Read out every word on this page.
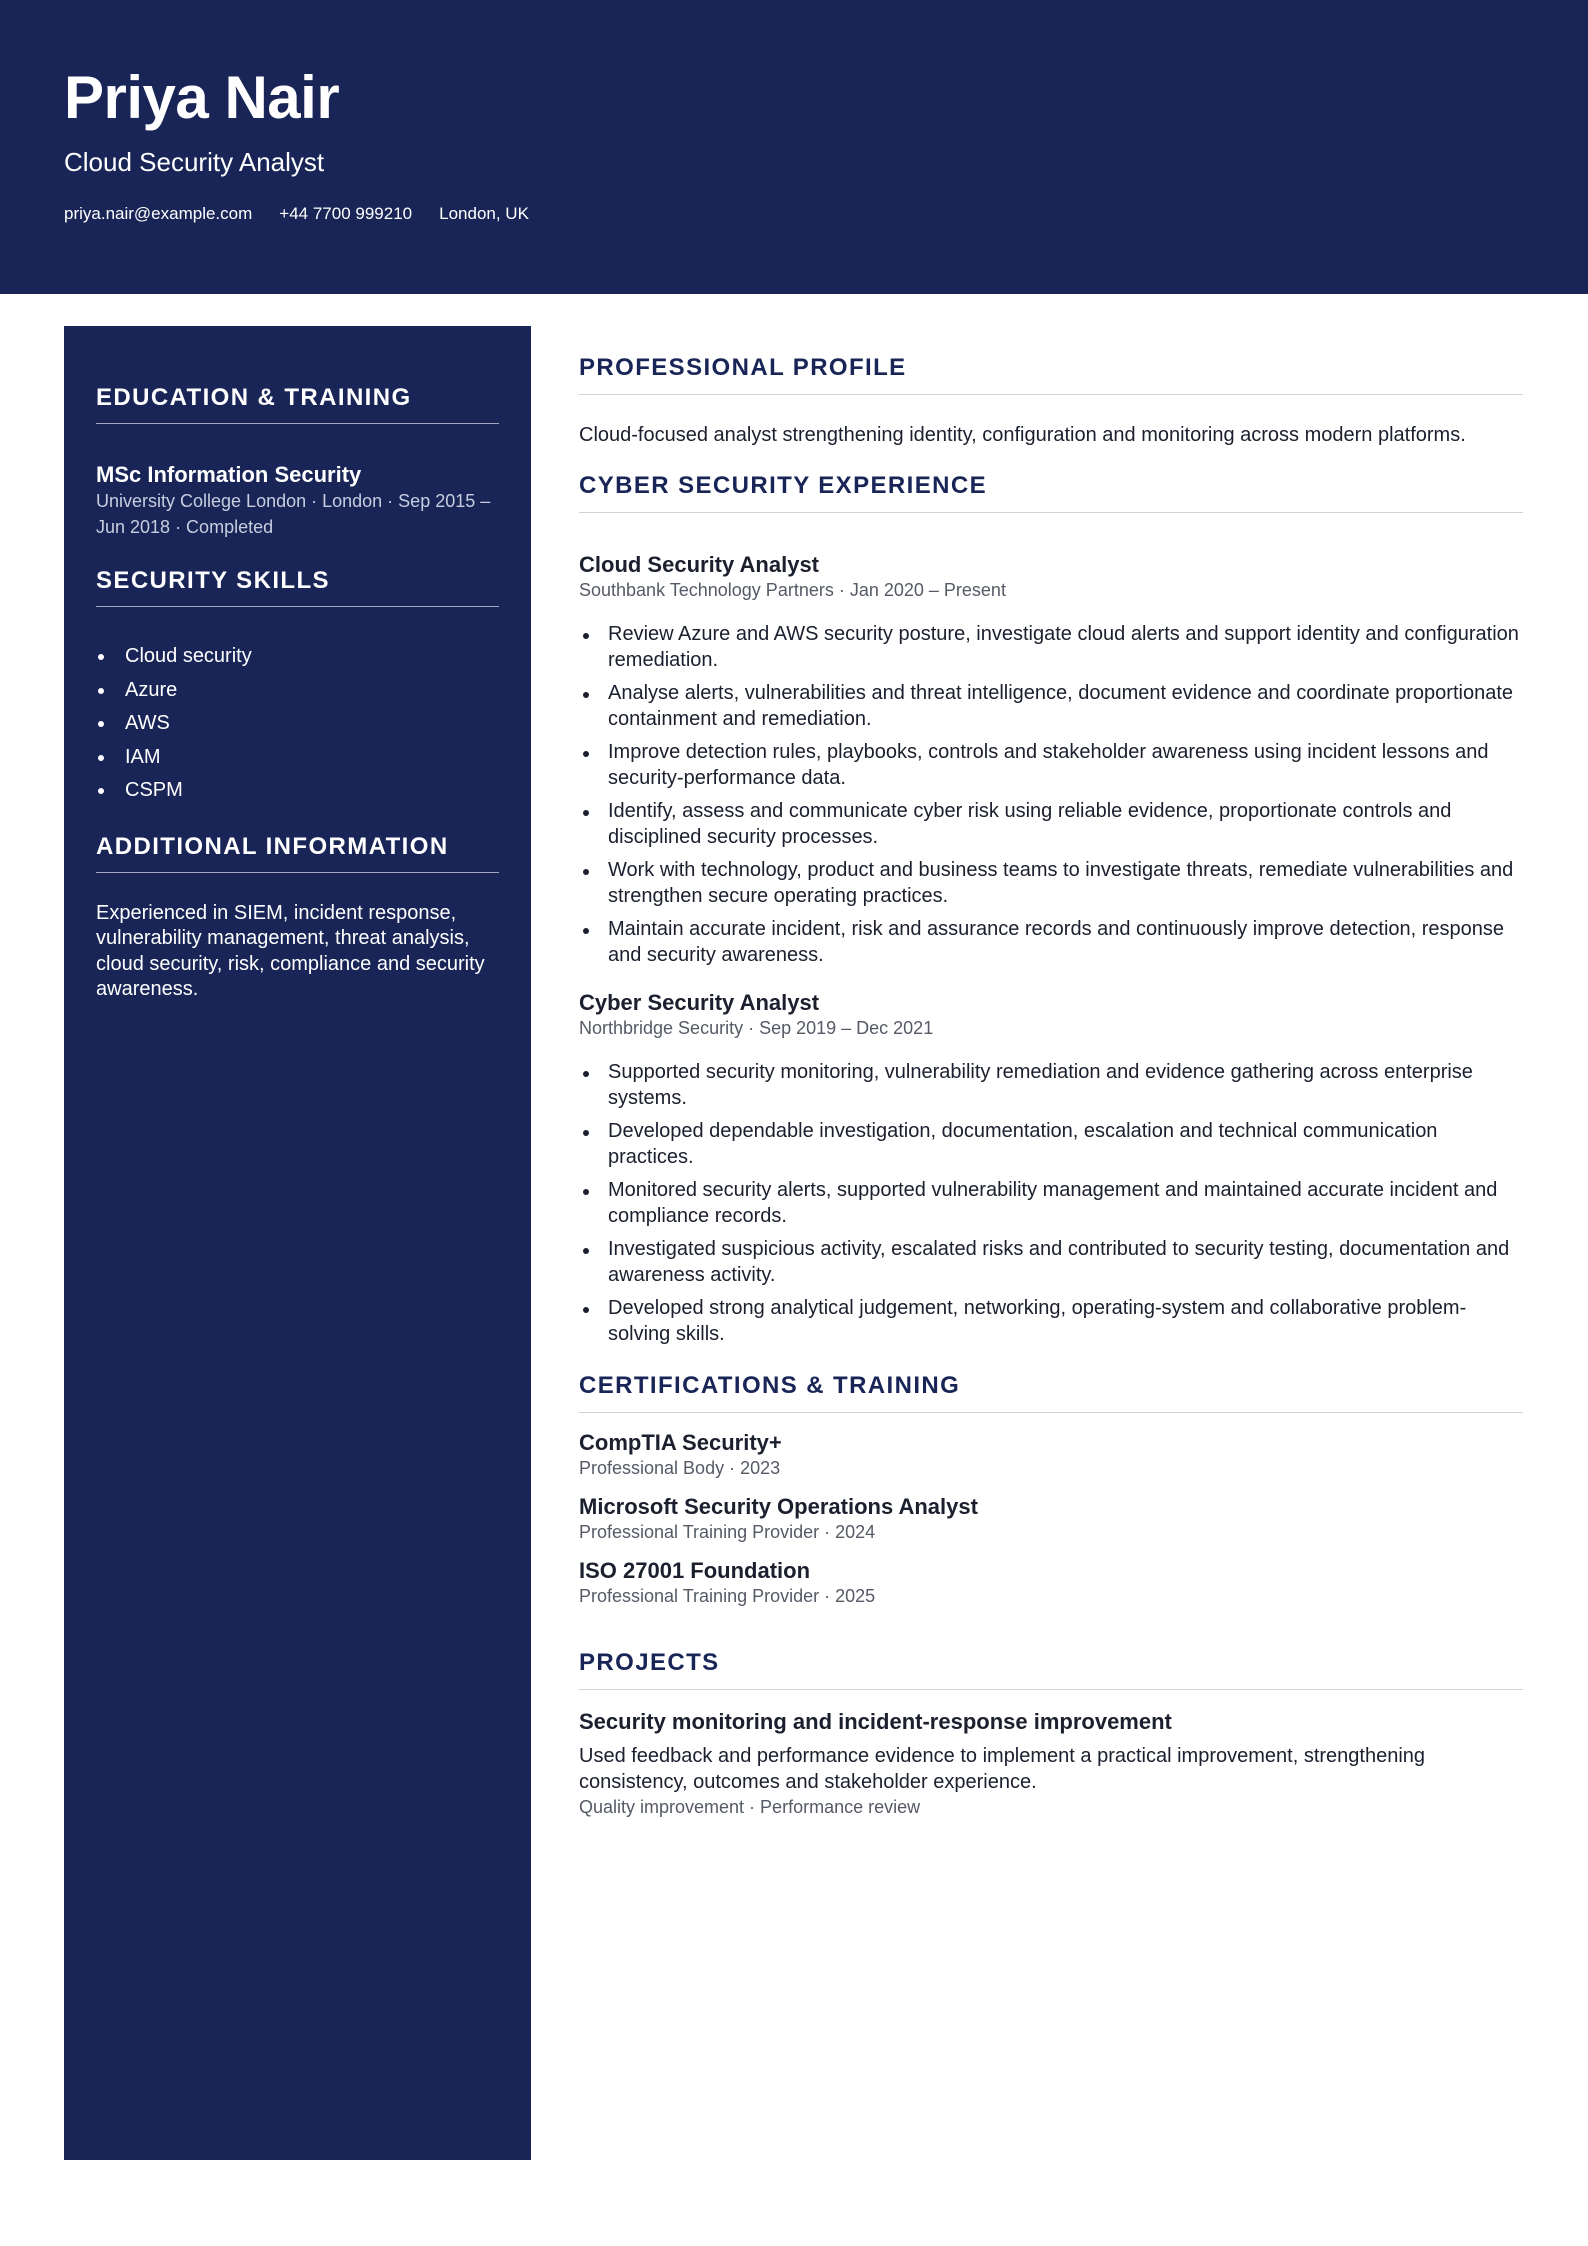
Priya Nair
Cloud Security Analyst
priya.nair@example.com +44 7700 999210 London, UK
EDUCATION & TRAINING
MSc Information Security
University College London · London · Sep 2015 – Jun 2018 · Completed
SECURITY SKILLS
Cloud security
Azure
AWS
IAM
CSPM
ADDITIONAL INFORMATION
Experienced in SIEM, incident response, vulnerability management, threat analysis, cloud security, risk, compliance and security awareness.
PROFESSIONAL PROFILE
Cloud-focused analyst strengthening identity, configuration and monitoring across modern platforms.
CYBER SECURITY EXPERIENCE
Cloud Security Analyst
Southbank Technology Partners · Jan 2020 – Present
Review Azure and AWS security posture, investigate cloud alerts and support identity and configuration remediation.
Analyse alerts, vulnerabilities and threat intelligence, document evidence and coordinate proportionate containment and remediation.
Improve detection rules, playbooks, controls and stakeholder awareness using incident lessons and security-performance data.
Identify, assess and communicate cyber risk using reliable evidence, proportionate controls and disciplined security processes.
Work with technology, product and business teams to investigate threats, remediate vulnerabilities and strengthen secure operating practices.
Maintain accurate incident, risk and assurance records and continuously improve detection, response and security awareness.
Cyber Security Analyst
Northbridge Security · Sep 2019 – Dec 2021
Supported security monitoring, vulnerability remediation and evidence gathering across enterprise systems.
Developed dependable investigation, documentation, escalation and technical communication practices.
Monitored security alerts, supported vulnerability management and maintained accurate incident and compliance records.
Investigated suspicious activity, escalated risks and contributed to security testing, documentation and awareness activity.
Developed strong analytical judgement, networking, operating-system and collaborative problem-solving skills.
CERTIFICATIONS & TRAINING
CompTIA Security+
Professional Body · 2023
Microsoft Security Operations Analyst
Professional Training Provider · 2024
ISO 27001 Foundation
Professional Training Provider · 2025
PROJECTS
Security monitoring and incident-response improvement
Used feedback and performance evidence to implement a practical improvement, strengthening consistency, outcomes and stakeholder experience.
Quality improvement · Performance review
